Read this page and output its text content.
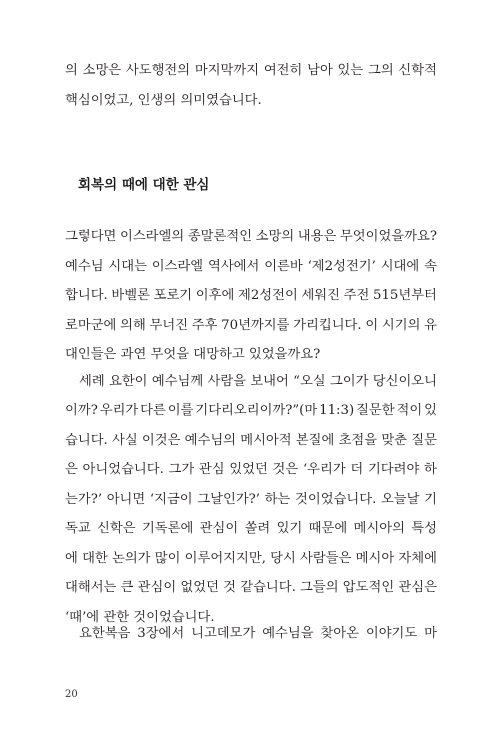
의 소망은 사도행전의 마지막까지 여전히 남아 있는 그의 신학적
핵심이었고, 인생의 의미였습니다.
회복의 때에 대한 관심
그렇다면 이스라엘의 종말론적인 소망의 내용은 무엇이었을까요?
예수님 시대는 이스라엘 역사에서 이른바 ‘제2성전기’ 시대에 속
합니다. 바벨론 포로기 이후에 제2성전이 세워진 주전 515년부터
로마군에 의해 무너진 주후 70년까지를 가리킵니다. 이 시기의 유
대인들은 과연 무엇을 대망하고 있었을까요?
세례 요한이 예수님께 사람을 보내어 “오실 그이가 당신이오니
이까? 우리가 다른 이를 기다리오리이까?”(마 11:3) 질문한 적이 있
습니다. 사실 이것은 예수님의 메시아적 본질에 초점을 맞춘 질문
은 아니었습니다. 그가 관심 있었던 것은 ‘우리가 더 기다려야 하
는가?’ 아니면 ‘지금이 그날인가?’ 하는 것이었습니다. 오늘날 기
독교 신학은 기독론에 관심이 쏠려 있기 때문에 메시아의 특성
에 대한 논의가 많이 이루어지지만, 당시 사람들은 메시아 자체에
대해서는 큰 관심이 없었던 것 같습니다. 그들의 압도적인 관심은
‘때’에 관한 것이었습니다.
요한복음 3장에서 니고데모가 예수님을 찾아온 이야기도 마
20
